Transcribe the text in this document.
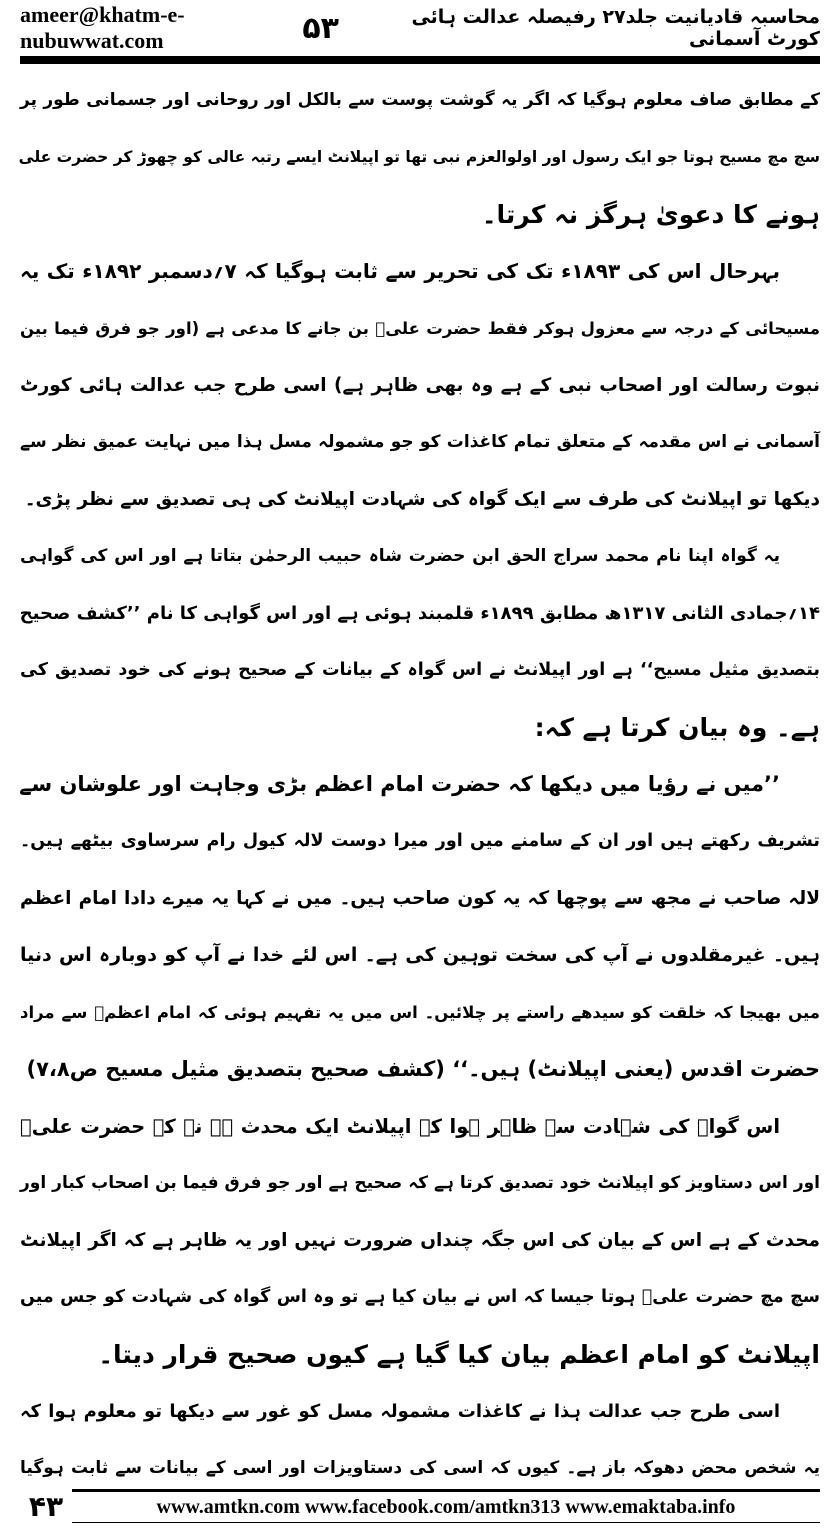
ameer@khatm-e-nubuwwat.com	۵۳	محاسبہ قادیانیت جلد۲۷ رفیصلہ عدالت ہائی کورٹ آسمانی
کے مطابق صاف معلوم ہوگیا کہ اگر یہ گوشت پوست سے بالکل اور روحانی اور جسمانی طور پر
سچ مچ مسیح ہوتا جو ایک رسول اور اولوالعزم نبی تھا تو اپیلانٹ ایسے رتبہ عالی کو چھوڑ کر حضرت علی
ہونے کا دعویٰ ہرگز نہ کرتا۔
بہرحال اس کی ۱۸۹۳ء تک کی تحریر سے ثابت ہوگیا کہ ۷؍دسمبر ۱۸۹۲ء تک یہ
مسیحائی کے درجہ سے معزول ہوکر فقط حضرت علیؓ بن جانے کا مدعی ہے (اور جو فرق فیما بین
نبوت رسالت اور اصحاب نبی کے ہے وہ بھی ظاہر ہے) اسی طرح جب عدالت ہائی کورٹ
آسمانی نے اس مقدمہ کے متعلق تمام کاغذات کو جو مشمولہ مسل ہذا میں نہایت عمیق نظر سے
دیکھا تو اپیلانٹ کی طرف سے ایک گواہ کی شہادت اپیلانٹ کی ہی تصدیق سے نظر پڑی۔
یہ گواہ اپنا نام محمد سراج الحق ابن حضرت شاہ حبیب الرحمٰن بتاتا ہے اور اس کی گواہی
۱۴؍جمادی الثانی ۱۳۱۷ھ مطابق ۱۸۹۹ء قلمبند ہوئی ہے اور اس گواہی کا نام ’’کشف صحیح
بتصدیق مثیل مسیح‘‘ ہے اور اپیلانٹ نے اس گواہ کے بیانات کے صحیح ہونے کی خود تصدیق کی
ہے۔ وہ بیان کرتا ہے کہ:
’’میں نے رؤیا میں دیکھا کہ حضرت امام اعظم بڑی وجاہت اور علوشان سے
تشریف رکھتے ہیں اور ان کے سامنے میں اور میرا دوست لالہ کیول رام سرساوی بیٹھے ہیں۔
لالہ صاحب نے مجھ سے پوچھا کہ یہ کون صاحب ہیں۔ میں نے کہا یہ میرے دادا امام اعظم
ہیں۔ غیرمقلدوں نے آپ کی سخت توہین کی ہے۔ اس لئے خدا نے آپ کو دوبارہ اس دنیا
میں بھیجا کہ خلقت کو سیدھے راستے پر چلائیں۔ اس میں یہ تفہیم ہوئی کہ امام اعظمؒ سے مراد
حضرت اقدس (یعنی اپیلانٹ) ہیں۔‘‘ (کشف صحیح بتصدیق مثیل مسیح ص۷،۸)
اس گواہ کی شہادت سے ظاہر ہوا کہ اپیلانٹ ایک محدث ہے نہ کہ حضرت علیؓ
اور اس دستاویز کو اپیلانٹ خود تصدیق کرتا ہے کہ صحیح ہے اور جو فرق فیما بن اصحاب کبار اور
محدث کے ہے اس کے بیان کی اس جگہ چنداں ضرورت نہیں اور یہ ظاہر ہے کہ اگر اپیلانٹ
سچ مچ حضرت علیؓ ہوتا جیسا کہ اس نے بیان کیا ہے تو وہ اس گواہ کی شہادت کو جس میں
اپیلانٹ کو امام اعظم بیان کیا گیا ہے کیوں صحیح قرار دیتا۔
اسی طرح جب عدالت ہذا نے کاغذات مشمولہ مسل کو غور سے دیکھا تو معلوم ہوا کہ
یہ شخص محض دھوکہ باز ہے۔ کیوں کہ اسی کی دستاویزات اور اسی کے بیانات سے ثابت ہوگیا
۴۳	www.amtkn.com www.facebook.com/amtkn313 www.emaktaba.info
